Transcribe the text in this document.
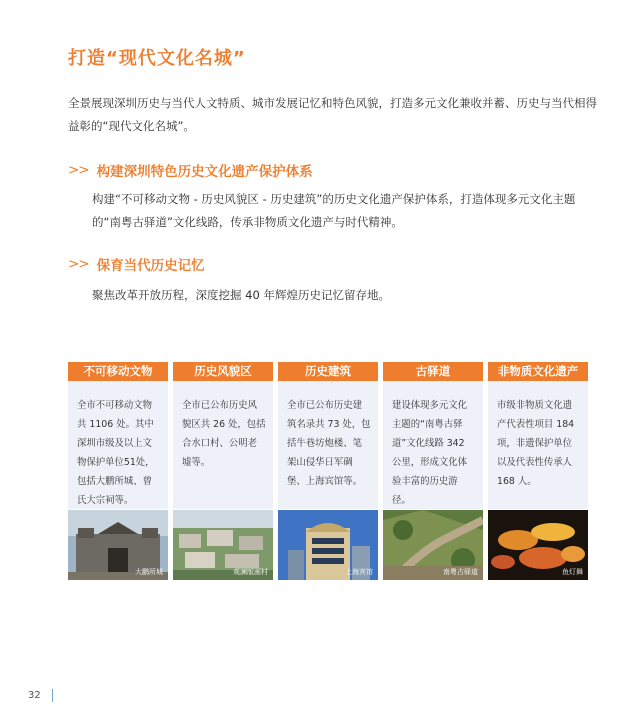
打造“现代文化名城”
全景展现深圳历史与当代人文特质、城市发展记忆和特色风貌，打造多元文化兼收并蓄、历史与当代相得益彰的“现代文化名城”。
>> 构建深圳特色历史文化遗产保护体系
构建“不可移动文物 - 历史风貌区 - 历史建筑”的历史文化遗产保护体系，打造体现多元文化主题的“南粤古驿道”文化线路，传承非物质文化遗产与时代精神。
>> 保育当代历史记忆
聚焦改革开放历程，深度挖掘 40 年辉煌历史记忆留存地。
不可移动文物

全市不可移动文物共 1106 处。其中深圳市级及以上文物保护单位51处，包括大鹏所城、曾氏大宗祠等。

大鹏所城
历史风貌区

全市已公布历史风貌区共 26 处，包括合水口村、公明老墟等。

观澜版画村
历史建筑

全市已公布历史建筑名录共 73 处，包括牛巷坊炮楼、笔架山侵华日军碉堡、上海宾馆等。

上海宾馆
古驿道

建设体现多元文化主题的“南粤古驿道”文化线路 342 公里，形成文化体验丰富的历史游径。

南粤古驿道
非物质文化遗产

市级非物质文化遗产代表性项目 184 项，非遗保护单位以及代表性传承人 168 人。

鱼灯舞
32
